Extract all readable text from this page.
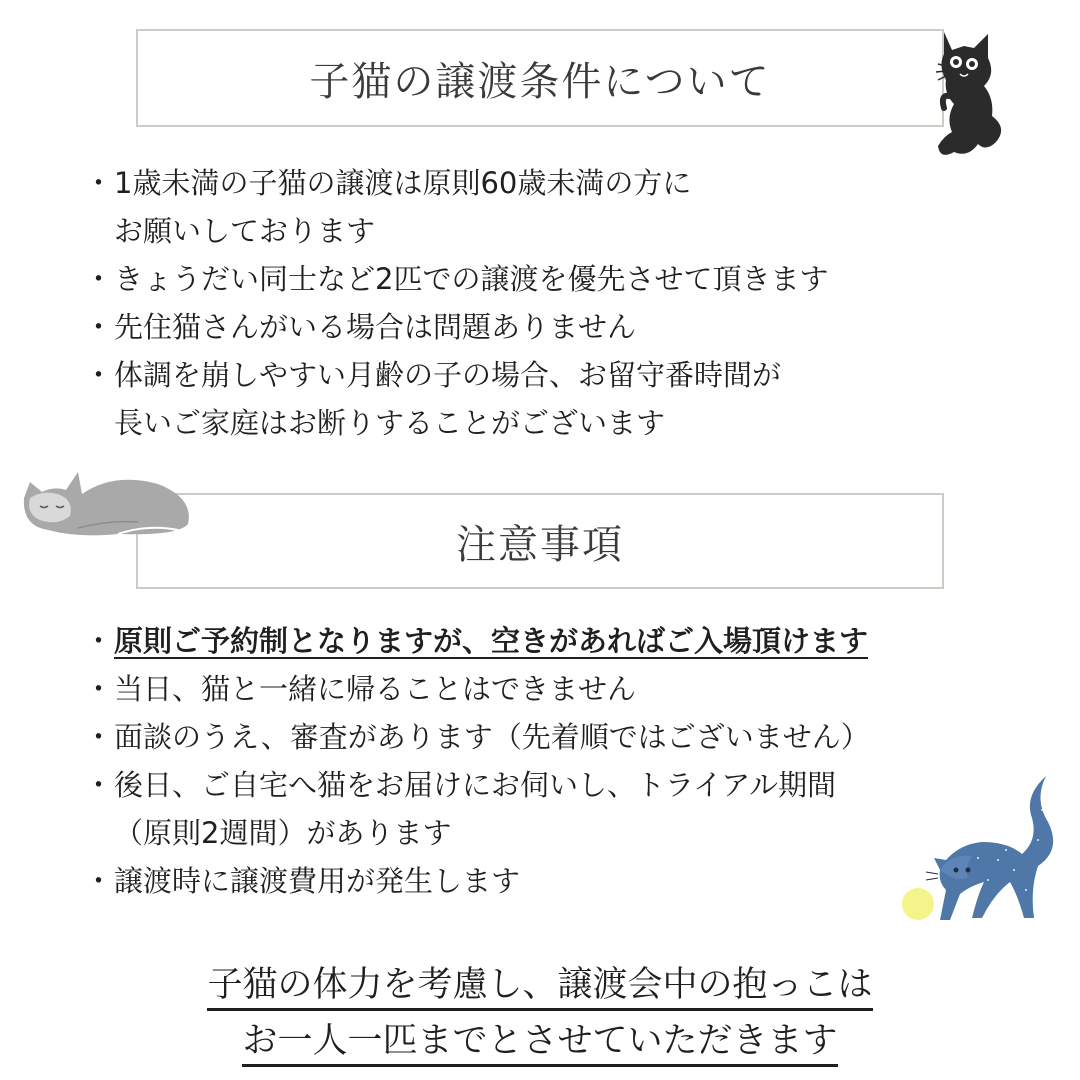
子猫の譲渡条件について
・ 1歳未満の子猫の譲渡は原則60歳未満の方に
お願いしております
・ きょうだい同士など2匹での譲渡を優先させて頂きます
・ 先住猫さんがいる場合は問題ありません
・ 体調を崩しやすい月齢の子の場合、お留守番時間が
長いご家庭はお断りすることがございます
注意事項
・ 原則ご予約制となりますが、空きがあればご入場頂けます
・ 当日、猫と一緒に帰ることはできません
・ 面談のうえ、審査があります（先着順ではございません）
・ 後日、ご自宅へ猫をお届けにお伺いし、トライアル期間
（原則2週間）があります
・ 譲渡時に譲渡費用が発生します
子猫の体力を考慮し、譲渡会中の抱っこは
お一人一匹までとさせていただきます
